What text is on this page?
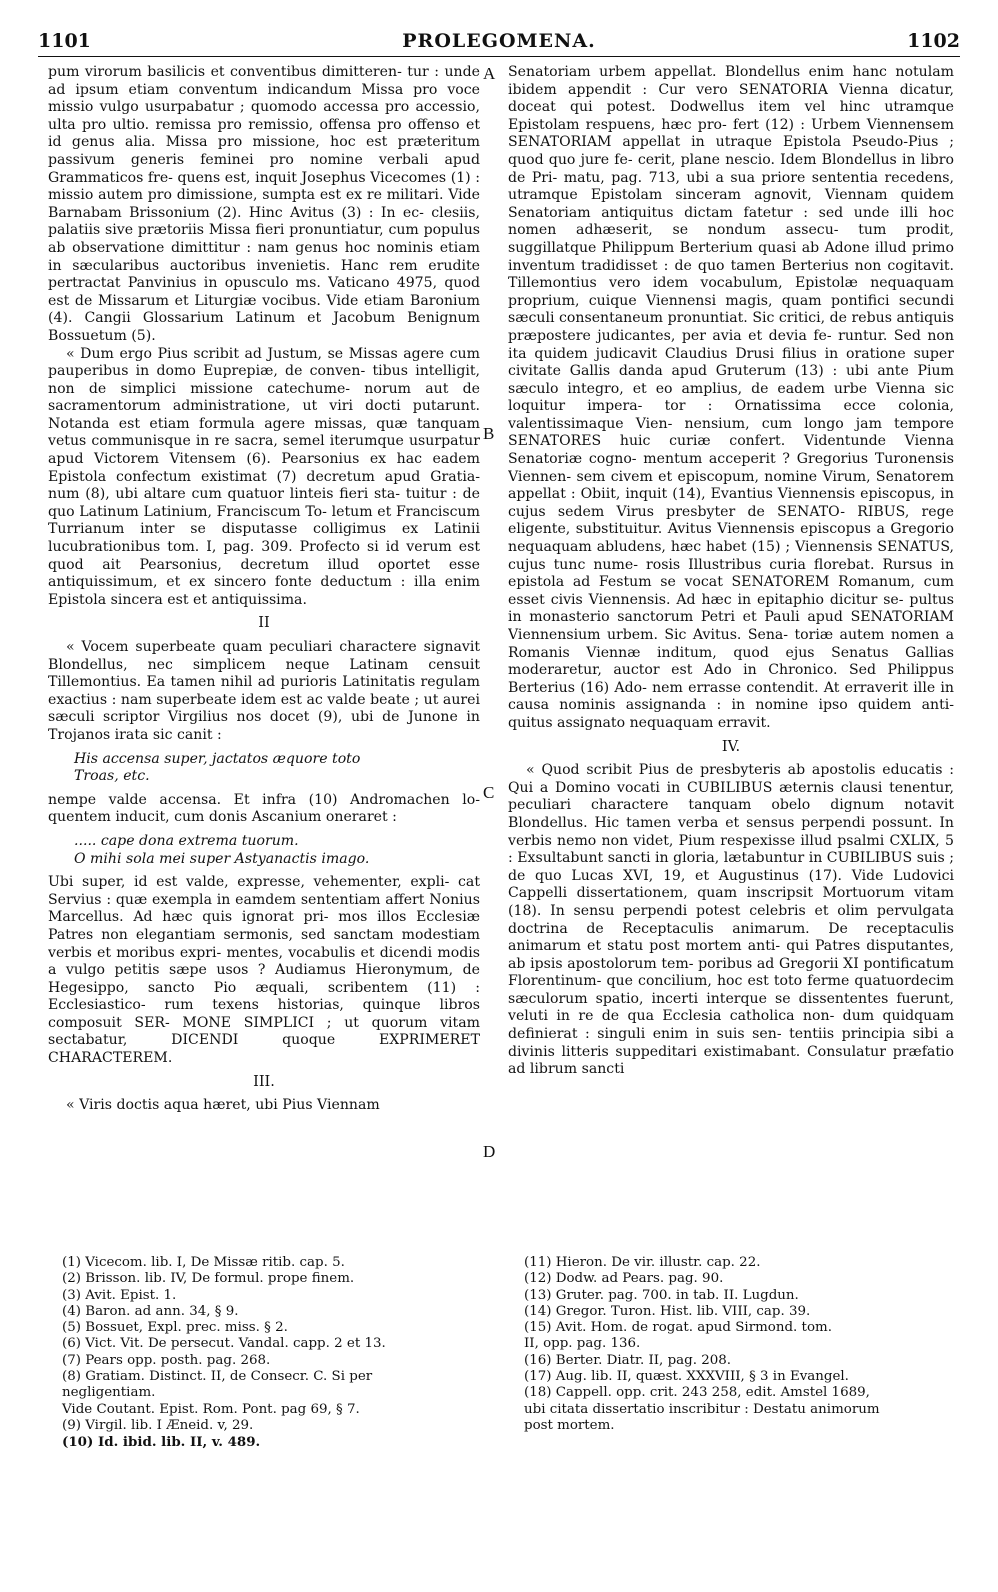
1101	PROLEGOMENA.	1102

pum virorum basilicis et conventibus dimitteren- tur : unde ad ipsum etiam conventum indicandum Missa pro voce missio vulgo usurpabatur ; quomodo accessa pro accessio, ulta pro ultio. remissa pro remissio, offensa pro offenso et id genus alia. Missa pro missione, hoc est præteritum passivum generis feminei pro nomine verbali apud Grammaticos fre- quens est, inquit Josephus Vicecomes (1) : missio autem pro dimissione, sumpta est ex re militari. Vide Barnabam Brissonium (2). Hinc Avitus (3) : In ec- clesiis, palatiis sive prætoriis Missa fieri pronuntiatur, cum populus ab observatione dimittitur : nam genus hoc nominis etiam in sæcularibus auctoribus invenietis. Hanc rem erudite pertractat Panvinius in opusculo ms. Vaticano 4975, quod est de Missarum et Liturgiæ vocibus. Vide etiam Baronium (4). Cangii Glossarium Latinum et Jacobum Benignum Bossuetum (5).

« Dum ergo Pius scribit ad Justum, se Missas agere cum pauperibus in domo Euprepiæ, de conven- tibus intelligit, non de simplici missione catechume- norum aut de sacramentorum administratione, ut viri docti putarunt. Notanda est etiam formula agere missas, quæ tanquam vetus communisque in re sacra, semel iterumque usurpatur apud Victorem Vitensem (6). Pearsonius ex hac eadem Epistola confectum existimat (7) decretum apud Gratia- num (8), ubi altare cum quatuor linteis fieri sta- tuitur : de quo Latinum Latinium, Franciscum To- letum et Franciscum Turrianum inter se disputasse colligimus ex Latinii lucubrationibus tom. I, pag. 309. Profecto si id verum est quod ait Pearsonius, decretum illud oportet esse antiquissimum, et ex sincero fonte deductum : illa enim Epistola sincera est et antiquissima.

II

« Vocem superbeate quam peculiari charactere signavit Blondellus, nec simplicem neque Latinam censuit Tillemontius. Ea tamen nihil ad purioris Latinitatis regulam exactius : nam superbeate idem est ac valde beate ; ut aurei sæculi scriptor Virgilius nos docet (9), ubi de Junone in Trojanos irata sic canit :

His accensa super, jactatos æquore toto
Troas, etc.

nempe valde accensa. Et infra (10) Andromachen lo- quentem inducit, cum donis Ascanium oneraret :

..... cape dona extrema tuorum.
O mihi sola mei super Astyanactis imago.

Ubi super, id est valde, expresse, vehementer, expli- cat Servius : quæ exempla in eamdem sententiam affert Nonius Marcellus. Ad hæc quis ignorat pri- mos illos Ecclesiæ Patres non elegantiam sermonis, sed sanctam modestiam verbis et moribus expri- mentes, vocabulis et dicendi modis a vulgo petitis sæpe usos ? Audiamus Hieronymum, de Hegesippo, sancto Pio æquali, scribentem (11) : Ecclesiastico- rum texens historias, quinque libros composuit SER- MONE SIMPLICI ; ut quorum vitam sectabatur, DICENDI quoque EXPRIMERET CHARACTEREM.

III.

« Viris doctis aqua hæret, ubi Pius Viennam

Senatoriam urbem appellat. Blondellus enim hanc notulam ibidem appendit : Cur vero SENATORIA Vienna dicatur, doceat qui potest. Dodwellus item vel hinc utramque Epistolam respuens, hæc pro- fert (12) : Urbem Viennensem SENATORIAM appellat in utraque Epistola Pseudo-Pius ; quod quo jure fe- cerit, plane nescio. Idem Blondellus in libro de Pri- matu, pag. 713, ubi a sua priore sententia recedens, utramque Epistolam sinceram agnovit, Viennam quidem Senatoriam antiquitus dictam fatetur : sed unde illi hoc nomen adhæserit, se nondum assecu- tum prodit, suggillatque Philippum Berterium quasi ab Adone illud primo inventum tradidisset : de quo tamen Berterius non cogitavit. Tillemontius vero idem vocabulum, Epistolæ nequaquam proprium, cuique Viennensi magis, quam pontifici secundi sæculi consentaneum pronuntiat. Sic critici, de rebus antiquis præpostere judicantes, per avia et devia fe- runtur. Sed non ita quidem judicavit Claudius Drusi filius in oratione super civitate Gallis danda apud Gruterum (13) : ubi ante Pium sæculo integro, et eo amplius, de eadem urbe Vienna sic loquitur impera- tor : Ornatissima ecce colonia, valentissimaque Vien- nensium, cum longo jam tempore SENATORES huic curiæ confert. Videntunde Vienna Senatoriæ cogno- mentum acceperit ? Gregorius Turonensis Viennen- sem civem et episcopum, nomine Virum, Senatorem appellat : Obiit, inquit (14), Evantius Viennensis episcopus, in cujus sedem Virus presbyter de SENATO- RIBUS, rege eligente, substituitur. Avitus Viennensis episcopus a Gregorio nequaquam abludens, hæc habet (15) ; Viennensis SENATUS, cujus tunc nume- rosis Illustribus curia florebat. Rursus in epistola ad Festum se vocat SENATOREM Romanum, cum esset civis Viennensis. Ad hæc in epitaphio dicitur se- pultus in monasterio sanctorum Petri et Pauli apud SENATORIAM Viennensium urbem. Sic Avitus. Sena- toriæ autem nomen a Romanis Viennæ inditum, quod ejus Senatus Gallias moderaretur, auctor est Ado in Chronico. Sed Philippus Berterius (16) Ado- nem errasse contendit. At erraverit ille in causa nominis assignanda : in nomine ipso quidem anti- quitus assignato nequaquam erravit.

IV.

« Quod scribit Pius de presbyteris ab apostolis educatis : Qui a Domino vocati in CUBILIBUS æternis clausi tenentur, peculiari charactere tanquam obelo dignum notavit Blondellus. Hic tamen verba et sensus perpendi possunt. In verbis nemo non videt, Pium respexisse illud psalmi CXLIX, 5 : Exsultabunt sancti in gloria, lætabuntur in CUBILIBUS suis ; de quo Lucas XVI, 19, et Augustinus (17). Vide Ludovici Cappelli dissertationem, quam inscripsit Mortuorum vitam (18). In sensu perpendi potest celebris et olim pervulgata doctrina de Receptaculis animarum. De receptaculis animarum et statu post mortem anti- qui Patres disputantes, ab ipsis apostolorum tem- poribus ad Gregorii XI pontificatum Florentinum- que concilium, hoc est toto ferme quatuordecim sæculorum spatio, incerti interque se dissententes fuerunt, veluti in re de qua Ecclesia catholica non- dum quidquam definierat : singuli enim in suis sen- tentiis principia sibi a divinis litteris suppeditari existimabant. Consulatur præfatio ad librum sancti

A
B
C
D
(1) Vicecom. lib. I, De Missæ ritib. cap. 5.
(2) Brisson. lib. IV, De formul. prope finem.
(3) Avit. Epist. 1.
(4) Baron. ad ann. 34, § 9.
(5) Bossuet, Expl. prec. miss. § 2.
(6) Vict. Vit. De persecut. Vandal. capp. 2 et 13.
(7) Pears opp. posth. pag. 268.
(8) Gratiam. Distinct. II, de Consecr. C. Si per
negligentiam.
Vide Coutant. Epist. Rom. Pont. pag 69, § 7.
(9) Virgil. lib. I Æneid. v, 29.
(10) Id. ibid. lib. II, v. 489.
(11) Hieron. De vir. illustr. cap. 22.
(12) Dodw. ad Pears. pag. 90.
(13) Gruter. pag. 700. in tab. II. Lugdun.
(14) Gregor. Turon. Hist. lib. VIII, cap. 39.
(15) Avit. Hom. de rogat. apud Sirmond. tom.
II, opp. pag. 136.
(16) Berter. Diatr. II, pag. 208.
(17) Aug. lib. II, quæst. XXXVIII, § 3 in Evangel.
(18) Cappell. opp. crit. 243 258, edit. Amstel 1689,
ubi citata dissertatio inscribitur : Destatu animorum
post mortem.
